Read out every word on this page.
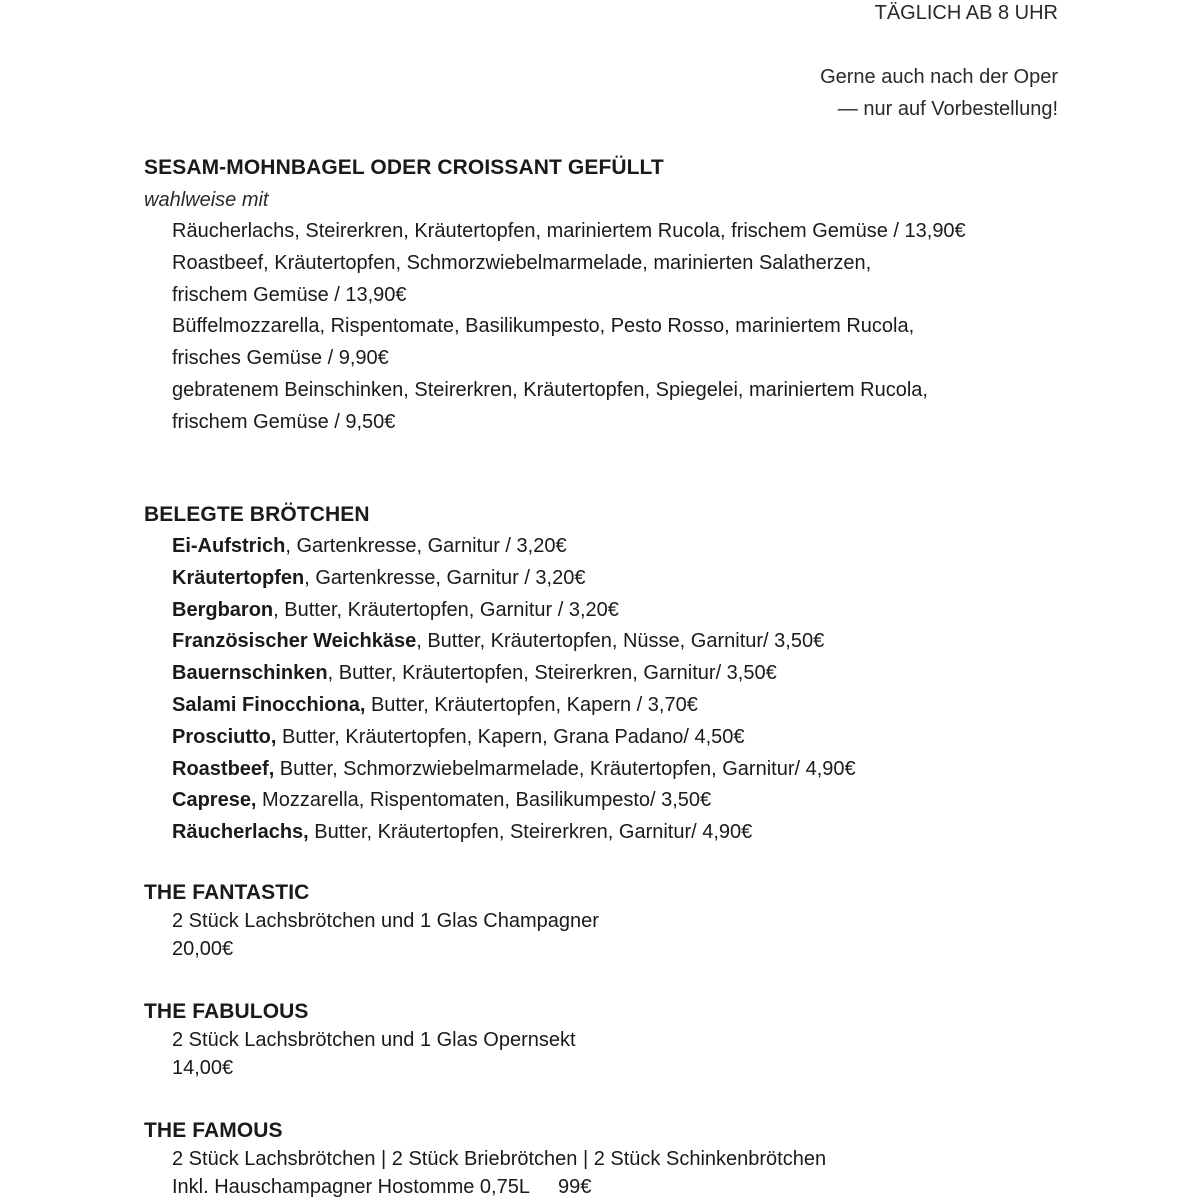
TÄGLICH AB 8 UHR
Gerne auch nach der Oper
— nur auf Vorbestellung!
SESAM-MOHNBAGEL ODER CROISSANT GEFÜLLT
wahlweise mit
Räucherlachs, Steirerkren, Kräutertopfen, mariniertem Rucola, frischem Gemüse / 13,90€
Roastbeef, Kräutertopfen, Schmorzwiebelmarmelade, marinierten Salatherzen,
frischem Gemüse / 13,90€
Büffelmozzarella, Rispentomate, Basilikumpesto, Pesto Rosso, mariniertem Rucola,
frisches Gemüse / 9,90€
gebratenem Beinschinken, Steirerkren, Kräutertopfen, Spiegelei, mariniertem Rucola,
frischem Gemüse / 9,50€
BELEGTE BRÖTCHEN
Ei-Aufstrich, Gartenkresse, Garnitur / 3,20€
Kräutertopfen, Gartenkresse, Garnitur / 3,20€
Bergbaron, Butter, Kräutertopfen, Garnitur / 3,20€
Französischer Weichkäse, Butter, Kräutertopfen, Nüsse, Garnitur/ 3,50€
Bauernschinken, Butter, Kräutertopfen, Steirerkren, Garnitur/ 3,50€
Salami Finocchiona, Butter, Kräutertopfen, Kapern / 3,70€
Prosciutto, Butter, Kräutertopfen, Kapern, Grana Padano/ 4,50€
Roastbeef, Butter, Schmorzwiebelmarmelade, Kräutertopfen, Garnitur/ 4,90€
Caprese, Mozzarella, Rispentomaten, Basilikumpesto/ 3,50€
Räucherlachs, Butter, Kräutertopfen, Steirerkren, Garnitur/ 4,90€
THE FANTASTIC
2 Stück Lachsbrötchen und 1 Glas Champagner
20,00€
THE FABULOUS
2 Stück Lachsbrötchen und 1 Glas Opernsekt
14,00€
THE FAMOUS
2 Stück Lachsbrötchen | 2 Stück Briebrötchen | 2 Stück Schinkenbrötchen
Inkl. Hauschampagner Hostomme 0,75L 99€
